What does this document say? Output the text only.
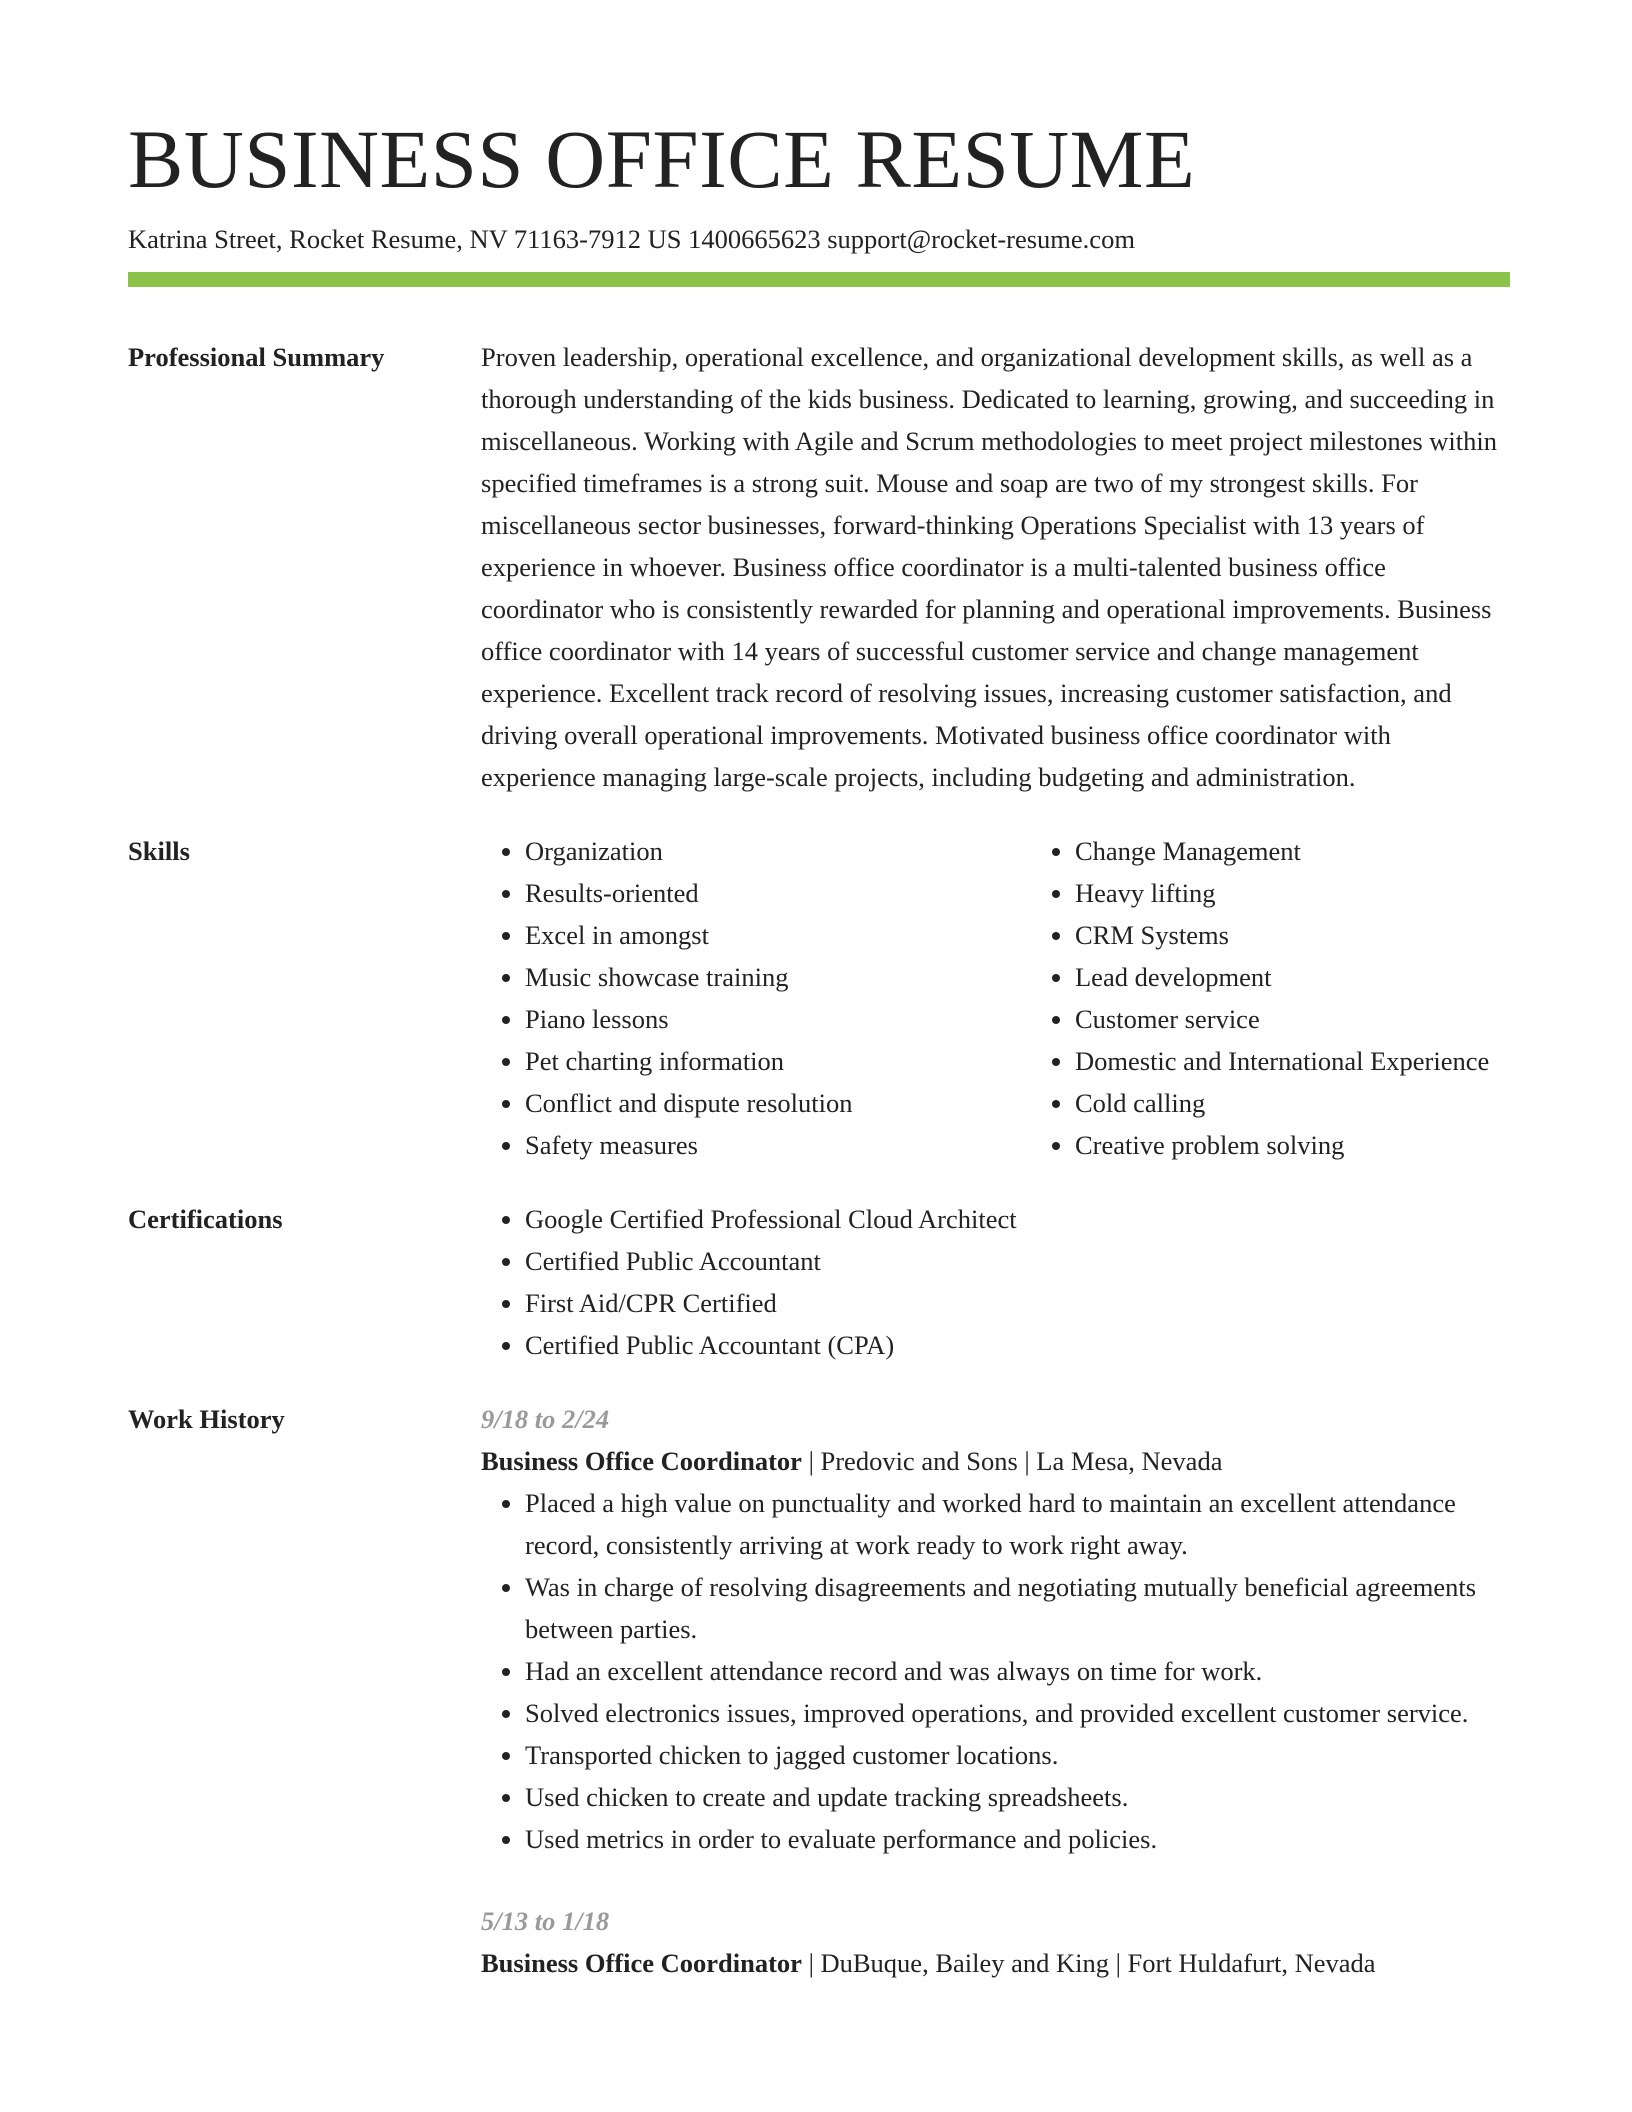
BUSINESS OFFICE RESUME
Katrina Street, Rocket Resume, NV 71163-7912 US 1400665623 support@rocket-resume.com
Professional Summary	Proven leadership, operational excellence, and organizational development skills, as well as a thorough understanding of the kids business. Dedicated to learning, growing, and succeeding in miscellaneous. Working with Agile and Scrum methodologies to meet project milestones within specified timeframes is a strong suit. Mouse and soap are two of my strongest skills. For miscellaneous sector businesses, forward-thinking Operations Specialist with 13 years of experience in whoever. Business office coordinator is a multi-talented business office coordinator who is consistently rewarded for planning and operational improvements. Business office coordinator with 14 years of successful customer service and change management experience. Excellent track record of resolving issues, increasing customer satisfaction, and driving overall operational improvements. Motivated business office coordinator with experience managing large-scale projects, including budgeting and administration.

Skills	• Organization
• Results-oriented
• Excel in amongst
• Music showcase training
• Piano lessons
• Pet charting information
• Conflict and dispute resolution
• Safety measures
• Change Management
• Heavy lifting
• CRM Systems
• Lead development
• Customer service
• Domestic and International Experience
• Cold calling
• Creative problem solving
Certifications	• Google Certified Professional Cloud Architect
• Certified Public Accountant
• First Aid/CPR Certified
• Certified Public Accountant (CPA)
Work History	9/18 to 2/24
Business Office Coordinator | Predovic and Sons | La Mesa, Nevada
• Placed a high value on punctuality and worked hard to maintain an excellent attendance record, consistently arriving at work ready to work right away.
• Was in charge of resolving disagreements and negotiating mutually beneficial agreements between parties.
• Had an excellent attendance record and was always on time for work.
• Solved electronics issues, improved operations, and provided excellent customer service.
• Transported chicken to jagged customer locations.
• Used chicken to create and update tracking spreadsheets.
• Used metrics in order to evaluate performance and policies.
5/13 to 1/18
Business Office Coordinator | DuBuque, Bailey and King | Fort Huldafurt, Nevada
